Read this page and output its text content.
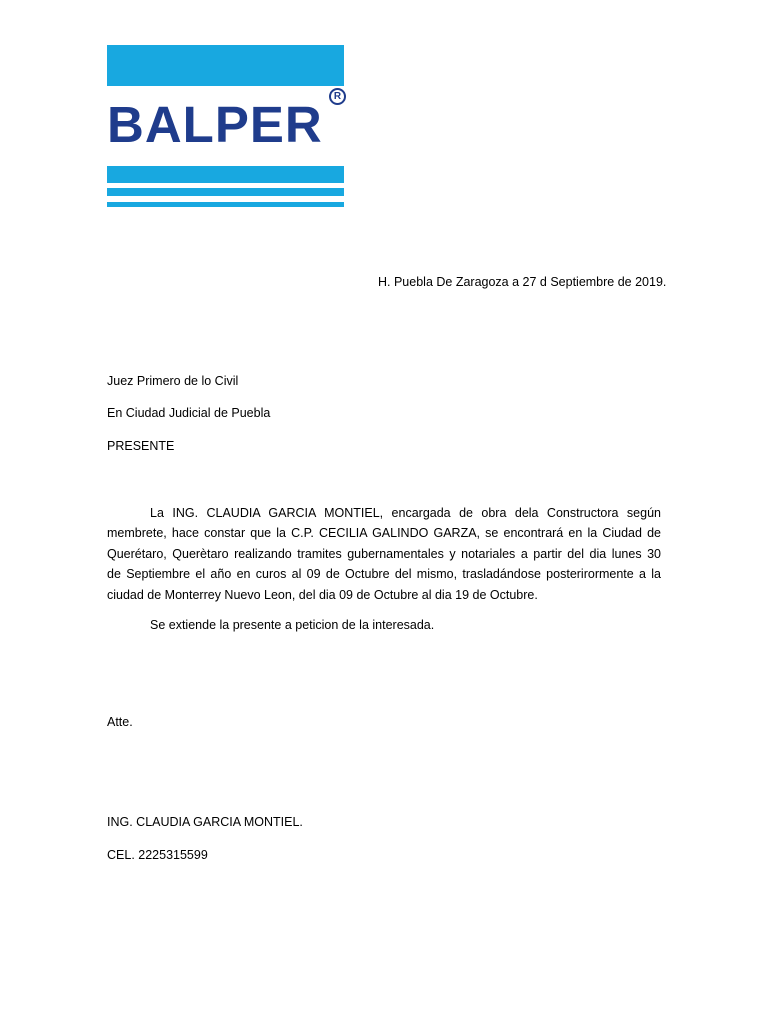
BALPER	R
H. Puebla De Zaragoza a 27 d Septiembre de 2019.
Juez Primero de lo Civil
En Ciudad Judicial de Puebla
PRESENTE
La ING. CLAUDIA GARCIA MONTIEL, encargada de obra dela Constructora según
membrete, hace constar que la C.P. CECILIA GALINDO GARZA, se encontrará en la Ciudad de
Querétaro, Querètaro realizando tramites gubernamentales y notariales a partir del dia lunes 30
de Septiembre el año en curos al 09 de Octubre del mismo, trasladándose posterirormente a la
ciudad de Monterrey Nuevo Leon, del dia 09 de Octubre al dia 19 de Octubre.
Se extiende la presente a peticion de la interesada.
Atte.
ING. CLAUDIA GARCIA MONTIEL.
CEL. 2225315599
